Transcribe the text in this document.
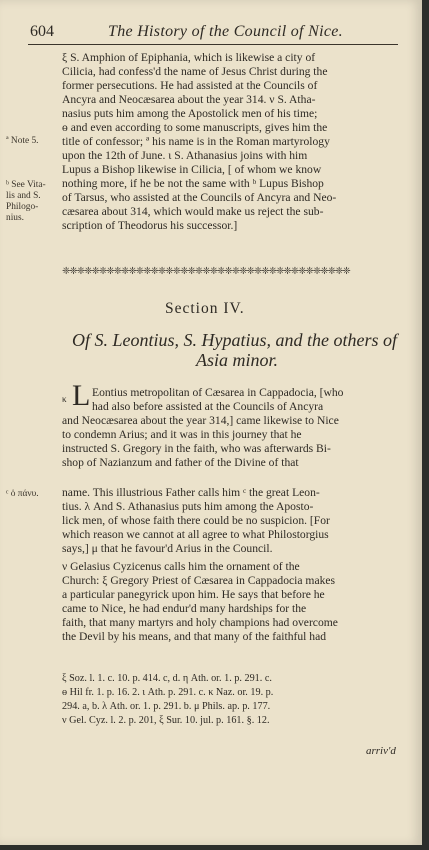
604	The History of the Council of Nice.
ξ S. Amphion of Epiphania, which is likewise a city of
Cilicia, had confess'd the name of Jesus Christ during the
former persecutions. He had assisted at the Councils of
Ancyra and Neocæsarea about the year 314. ν S. Atha-
nasius puts him among the Apostolick men of his time;
ө and even according to some manuscripts, gives him the
title of confessor; ª his name is in the Roman martyrology
upon the 12th of June. ι S. Athanasius joins with him
Lupus a Bishop likewise in Cilicia, [ of whom we know
nothing more, if he be not the same with ᵇ Lupus Bishop
of Tarsus, who assisted at the Councils of Ancyra and Neo-
cæsarea about 314, which would make us reject the sub-
scription of Theodorus his successor.]
ª Note 5.
ᵇ See Vita-
lis and S.
Philogo-
nius.
ᶜ ὁ πάνυ.
❈❈❈❈❈❈❈❈❈❈❈❈❈❈❈❈❈❈❈❈❈❈❈❈❈❈❈❈❈❈❈❈❈❈❈❈❈❈❈
Section IV.
Of S. Leontius, S. Hypatius, and the others of
Asia minor.
κ L Eontius metropolitan of Cæsarea in Cappadocia, [who
had also before assisted at the Councils of Ancyra
and Neocæsarea about the year 314,] came likewise to Nice
to condemn Arius; and it was in this journey that he
instructed S. Gregory in the faith, who was afterwards Bi-
shop of Nazianzum and father of the Divine of that
name. This illustrious Father calls him ᶜ the great Leon-
tius. λ And S. Athanasius puts him among the Aposto-
lick men, of whose faith there could be no suspicion. [For
which reason we cannot at all agree to what Philostorgius
says,] μ that he favour'd Arius in the Council.
ν Gelasius Cyzicenus calls him the ornament of the
Church: ξ Gregory Priest of Cæsarea in Cappadocia makes
a particular panegyrick upon him. He says that before he
came to Nice, he had endur'd many hardships for the
faith, that many martyrs and holy champions had overcome
the Devil by his means, and that many of the faithful had
ξ Soz. l. 1. c. 10. p. 414. c, d. η Ath. or. 1. p. 291. c.
ө Hil fr. 1. p. 16. 2. ι Ath. p. 291. c. κ Naz. or. 19. p.
294. a, b. λ Ath. or. 1. p. 291. b. μ Phils. ap. p. 177.
ν Gel. Cyz. l. 2. p. 201, ξ Sur. 10. jul. p. 161. §. 12.
arriv'd
